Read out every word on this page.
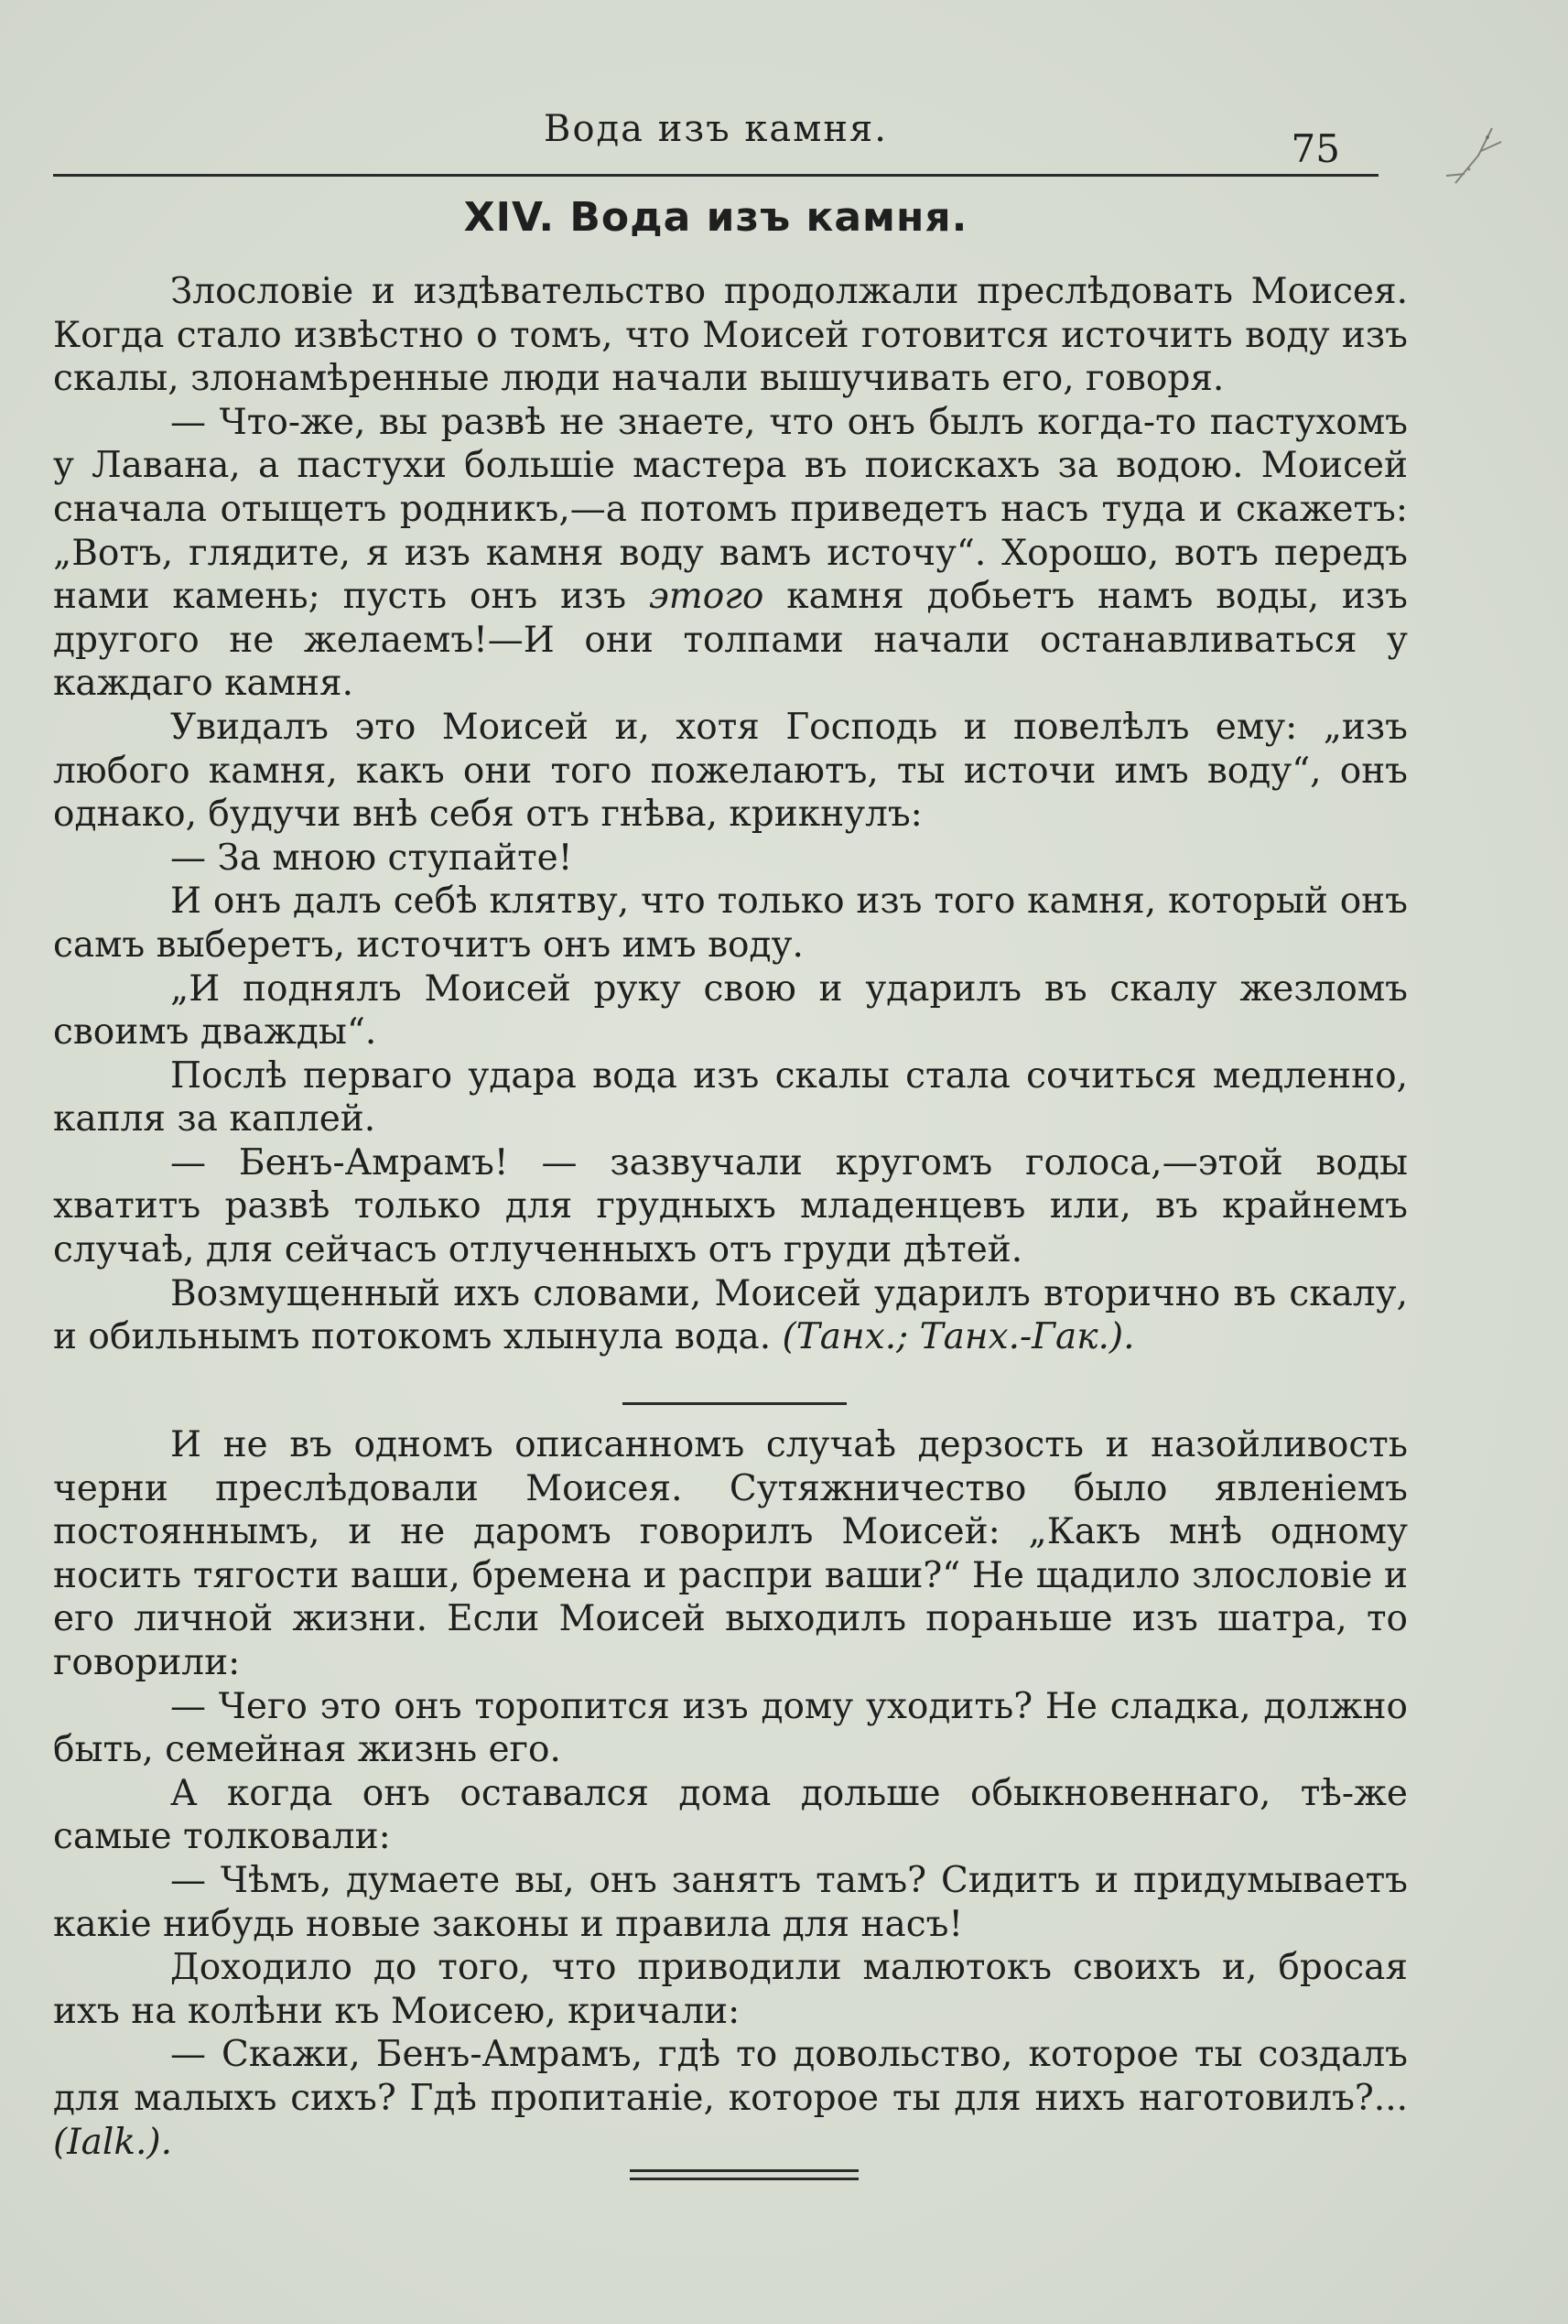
Вода изъ камня.	75
XIV. Вода изъ камня.

Злословіе и издѣвательство продолжали преслѣдовать Моисея. Когда стало извѣстно о томъ, что Моисей готовится источить воду изъ скалы, злонамѣренные люди начали вышучивать его, говоря.

— Что-же, вы развѣ не знаете, что онъ былъ когда-то пастухомъ у Лавана, а пастухи большіе мастера въ поискахъ за водою. Моисей сначала отыщетъ родникъ,—а потомъ приведетъ насъ туда и скажетъ: „Вотъ, глядите, я изъ камня воду вамъ источу“. Хорошо, вотъ передъ нами камень; пусть онъ изъ этого камня добьетъ намъ воды, изъ другого не желаемъ!—И они толпами начали останавливаться у каждаго камня.

Увидалъ это Моисей и, хотя Господь и повелѣлъ ему: „изъ любого камня, какъ они того пожелаютъ, ты источи имъ воду“, онъ однако, будучи внѣ себя отъ гнѣва, крикнулъ:

— За мною ступайте!

И онъ далъ себѣ клятву, что только изъ того камня, который онъ самъ выберетъ, источитъ онъ имъ воду.

„И поднялъ Моисей руку свою и ударилъ въ скалу жезломъ своимъ дважды“.

Послѣ перваго удара вода изъ скалы стала сочиться медленно, капля за каплей.

— Бенъ-Амрамъ! — зазвучали кругомъ голоса,—этой воды хватитъ развѣ только для грудныхъ младенцевъ или, въ крайнемъ случаѣ, для сейчасъ отлученныхъ отъ груди дѣтей.

Возмущенный ихъ словами, Моисей ударилъ вторично въ скалу, и обильнымъ потокомъ хлынула вода. (Танх.; Танх.-Гак.).

И не въ одномъ описанномъ случаѣ дерзость и назойливость черни преслѣдовали Моисея. Сутяжничество было явленіемъ постояннымъ, и не даромъ говорилъ Моисей: „Какъ мнѣ одному носить тягости ваши, бремена и распри ваши?“ Не щадило злословіе и его личной жизни. Если Моисей выходилъ пораньше изъ шатра, то говорили:

— Чего это онъ торопится изъ дому уходить? Не сладка, должно быть, семейная жизнь его.

А когда онъ оставался дома дольше обыкновеннаго, тѣ-же самые толковали:

— Чѣмъ, думаете вы, онъ занятъ тамъ? Сидитъ и придумываетъ какіе нибудь новые законы и правила для насъ!

Доходило до того, что приводили малютокъ своихъ и, бросая ихъ на колѣни къ Моисею, кричали:

— Скажи, Бенъ-Амрамъ, гдѣ то довольство, которое ты создалъ для малыхъ сихъ? Гдѣ пропитаніе, которое ты для нихъ наготовилъ?... (Ialk.).
